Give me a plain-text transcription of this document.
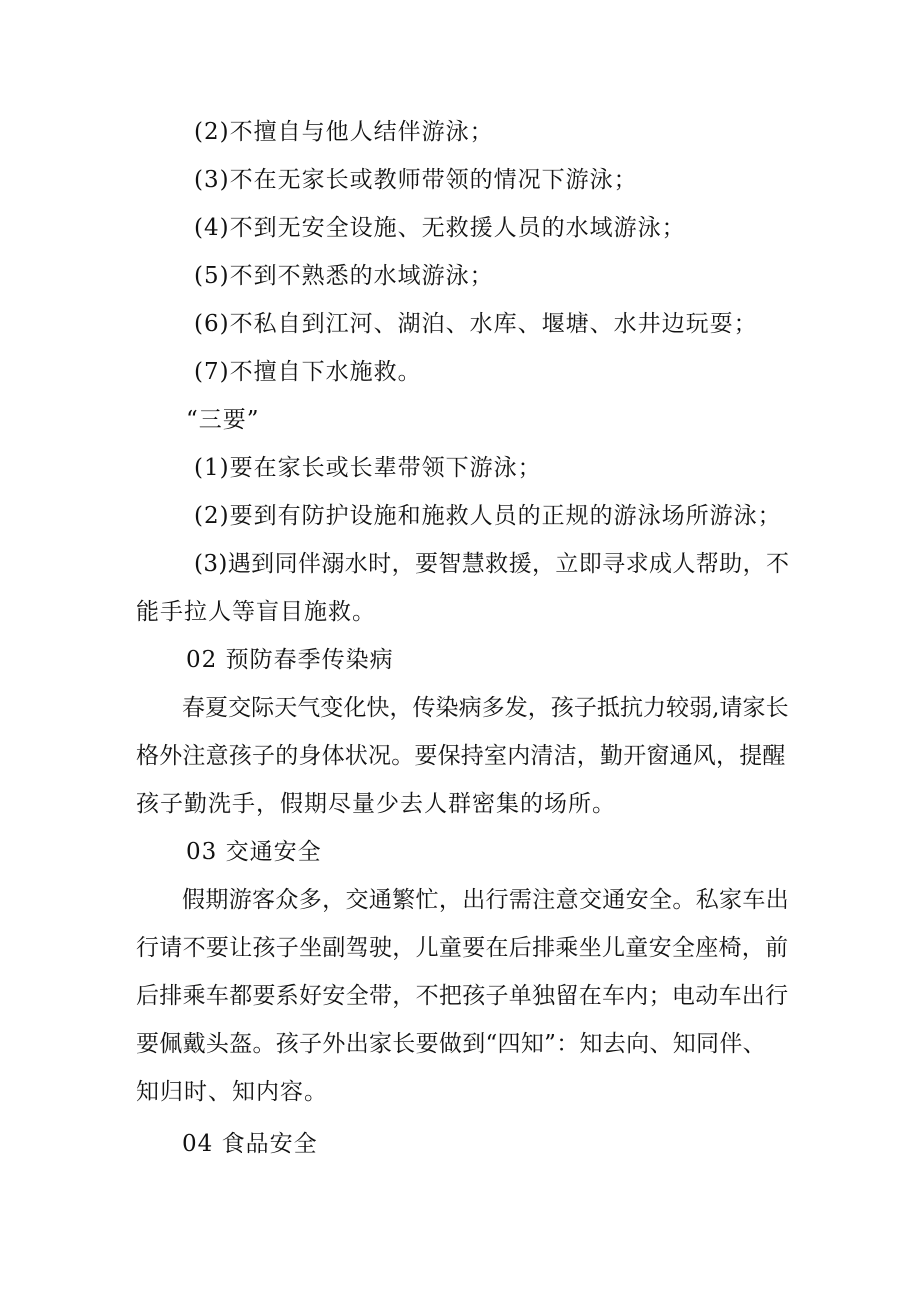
(2)不擅自与他人结伴游泳；
(3)不在无家长或教师带领的情况下游泳；
(4)不到无安全设施、无救援人员的水域游泳；
(5)不到不熟悉的水域游泳；
(6)不私自到江河、湖泊、水库、堰塘、水井边玩耍；
(7)不擅自下水施救。
“三要”
(1)要在家长或长辈带领下游泳；
(2)要到有防护设施和施救人员的正规的游泳场所游泳；
(3)遇到同伴溺水时，要智慧救援，立即寻求成人帮助，不
能手拉人等盲目施救。
02 预防春季传染病
春夏交际天气变化快，传染病多发，孩子抵抗力较弱,请家长
格外注意孩子的身体状况。要保持室内清洁，勤开窗通风，提醒
孩子勤洗手，假期尽量少去人群密集的场所。
03 交通安全
假期游客众多，交通繁忙，出行需注意交通安全。私家车出
行请不要让孩子坐副驾驶，儿童要在后排乘坐儿童安全座椅，前
后排乘车都要系好安全带，不把孩子单独留在车内；电动车出行
要佩戴头盔。孩子外出家长要做到“四知”：知去向、知同伴、
知归时、知内容。
04 食品安全
